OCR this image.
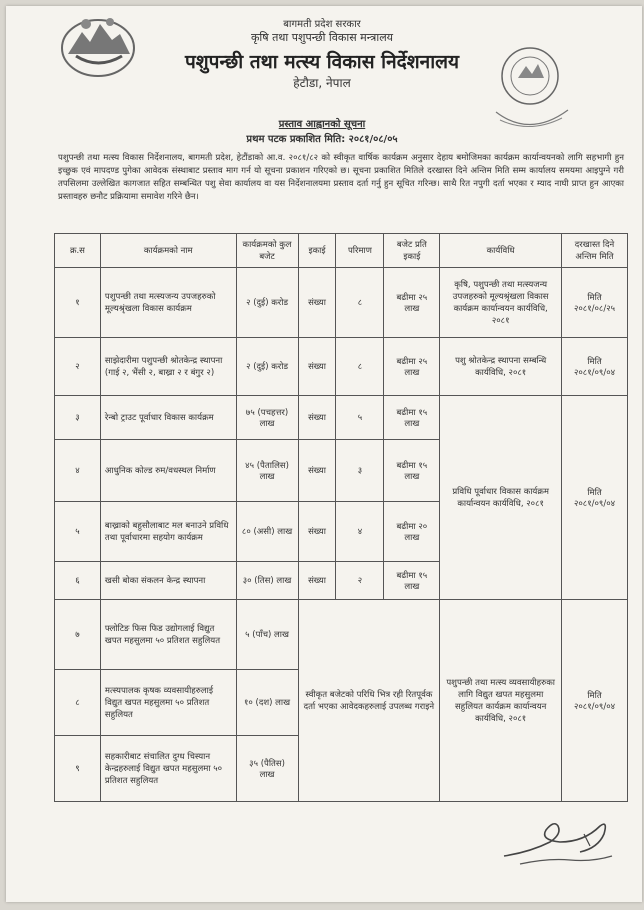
बागमती प्रदेश सरकार
कृषि तथा पशुपन्छी विकास मन्त्रालय
पशुपन्छी तथा मत्स्य विकास निर्देशनालय
हेटौडा, नेपाल
प्रस्ताव आह्वानको सूचना
प्रथम पटक प्रकाशित मिति: २०८१/०८/०५

पशुपन्छी तथा मत्स्य विकास निर्देशनालय, बागमती प्रदेश, हेटौंडाको आ.व. २०८१/८२ को स्वीकृत वार्षिक कार्यक्रम अनुसार देहाय बमोजिमका कार्यक्रम कार्यान्वयनको लागि सहभागी हुन इच्छुक एवं मापदण्ड पुगेका आवेदक संस्थाबाट प्रस्ताव माग गर्न यो सूचना प्रकाशन गरिएको छ। सूचना प्रकाशित मितिले दरखास्त दिने अन्तिम मिति सम्म कार्यालय समयमा आइपुग्ने गरी तपसिलमा उल्लेखित कागजात सहित सम्बन्धित पशु सेवा कार्यालय वा यस निर्देशनालयमा प्रस्ताव दर्ता गर्नु हुन सूचित गरिन्छ। साथै रित नपुगी दर्ता भएका र म्याद नाघी प्राप्त हुन आएका प्रस्तावहरु छनौट प्रक्रियामा समावेश गरिने छैन।

क्र.स	कार्यक्रमको नाम	कार्यक्रमको कुल बजेट	इकाई	परिमाण	बजेट प्रति इकाई	कार्यविधि	दरखास्त दिने अन्तिम मिति
१	पशुपन्छी तथा मत्स्यजन्य उपजहरुको मूल्यश्रृंखला विकास कार्यक्रम	२ (दुई) करोड	संख्या	८	बढीमा २५ लाख	कृषि, पशुपन्छी तथा मत्स्यजन्य उपजहरुको मूल्यश्रृंखला विकास कार्यक्रम कार्यान्वयन कार्यविधि, २०८१	मिति २०८१/०८/२५
२	साझेदारीमा पशुपन्छी श्रोतकेन्द्र स्थापना (गाई २, भैंसी २, बाख्रा २ र बंगुर २)	२ (दुई) करोड	संख्या	८	बढीमा २५ लाख	पशु श्रोतकेन्द्र स्थापना सम्बन्धि कार्यविधि, २०८१	मिति २०८१/०९/०४
३	रेन्बो ट्राउट पूर्वाधार विकास कार्यक्रम	७५ (पचहत्तर) लाख	संख्या	५	बढीमा १५ लाख	प्रविधि पूर्वाधार विकास कार्यक्रम कार्यान्वयन कार्यविधि, २०८१	मिति २०८१/०९/०४
४	आधुनिक कोल्ड रुम/वधस्थल निर्माण	४५ (पैतालिस) लाख	संख्या	३	बढीमा १५ लाख		
५	बाख्राको बहुसौलाबाट मल बनाउने प्रविधि तथा पूर्वाधारमा सहयोग कार्यक्रम	८० (असी) लाख	संख्या	४	बढीमा २० लाख		
६	खसी बोका संकलन केन्द्र स्थापना	३० (तिस) लाख	संख्या	२	बढीमा १५ लाख		
७	फ्लोटिङ फिस फिड उद्योगलाई विद्युत खपत महसुलमा ५० प्रतिशत सहुलियत	५ (पाँच) लाख	स्वीकृत बजेटको परिधि भित्र रही रितपूर्वक दर्ता भएका आवेदकहरुलाई उपलब्ध गराइने			पशुपन्छी तथा मत्स्य व्यवसायीहरुका लागि विद्युत खपत महसुलमा सहुलियत कार्यक्रम कार्यान्वयन कार्यविधि, २०८१	मिति २०८१/०९/०४
८	मत्स्यपालक कृषक व्यवसायीहरुलाई विद्युत खपत महसुलमा ५० प्रतिशत सहुलियत	१० (दश) लाख					
९	सहकारीबाट संचालित दुग्ध चिस्यान केन्द्रहरुलाई विद्युत खपत महसुलमा ५० प्रतिशत सहुलियत	३५ (पैतिस) लाख					
